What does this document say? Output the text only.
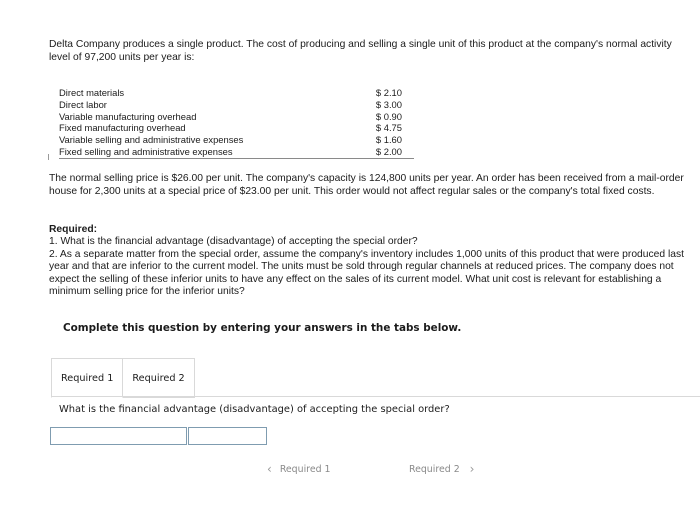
Delta Company produces a single product. The cost of producing and selling a single unit of this product at the company's normal activity level of 97,200 units per year is:
Direct materials	$ 2.10
Direct labor	$ 3.00
Variable manufacturing overhead	$ 0.90
Fixed manufacturing overhead	$ 4.75
Variable selling and administrative expenses	$ 1.60
Fixed selling and administrative expenses	$ 2.00
The normal selling price is $26.00 per unit. The company's capacity is 124,800 units per year. An order has been received from a mail-order house for 2,300 units at a special price of $23.00 per unit. This order would not affect regular sales or the company's total fixed costs.
Required:
1. What is the financial advantage (disadvantage) of accepting the special order?
2. As a separate matter from the special order, assume the company's inventory includes 1,000 units of this product that were produced last year and that are inferior to the current model. The units must be sold through regular channels at reduced prices. The company does not expect the selling of these inferior units to have any effect on the sales of its current model. What unit cost is relevant for establishing a minimum selling price for the inferior units?
Complete this question by entering your answers in the tabs below.
Required 1	Required 2
What is the financial advantage (disadvantage) of accepting the special order?
‹ Required 1	Required 2 ›
